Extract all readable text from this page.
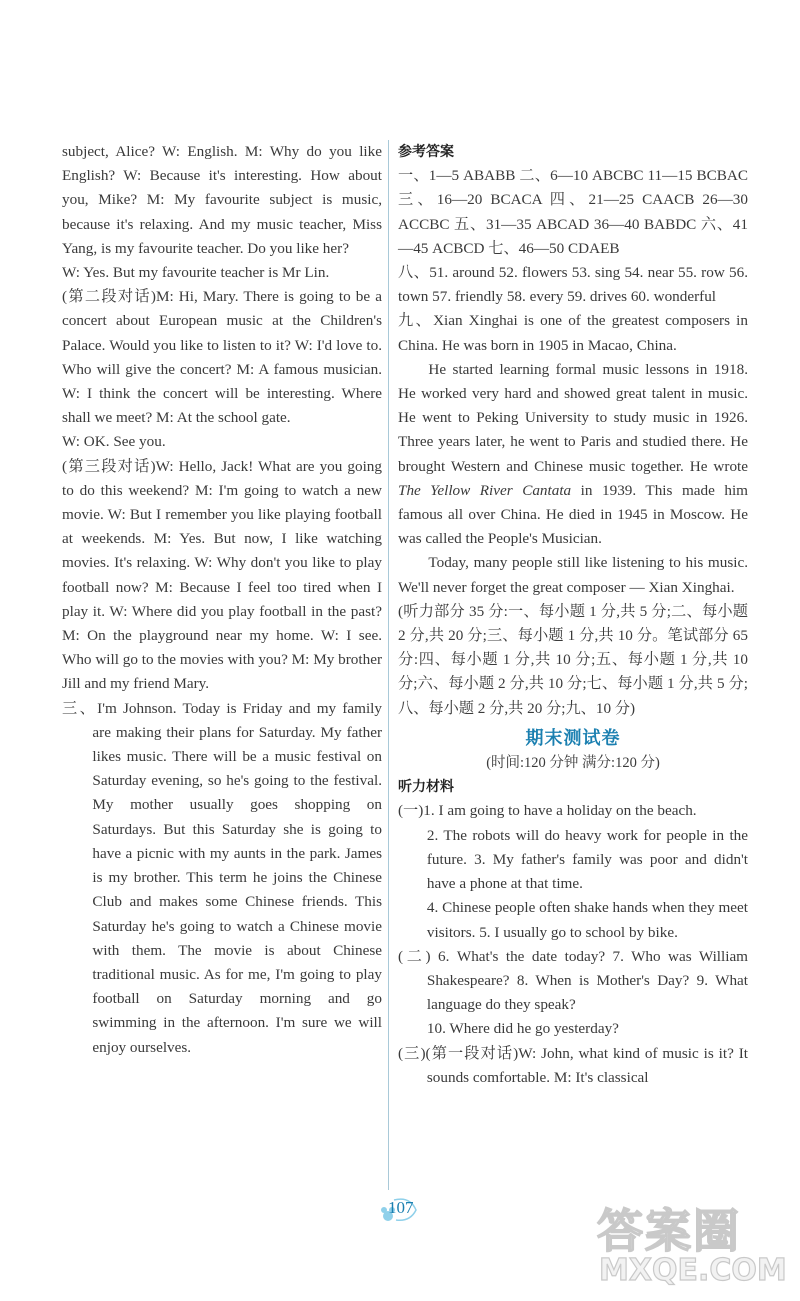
subject, Alice? W: English. M: Why do you like English? W: Because it's interesting. How about you, Mike? M: My favourite subject is music, because it's relaxing. And my music teacher, Miss Yang, is my favourite teacher. Do you like her?

W: Yes. But my favourite teacher is Mr Lin.

(第二段对话)M: Hi, Mary. There is going to be a concert about European music at the Children's Palace. Would you like to listen to it? W: I'd love to. Who will give the concert? M: A famous musician. W: I think the concert will be interesting. Where shall we meet? M: At the school gate.

W: OK. See you.

(第三段对话)W: Hello, Jack! What are you going to do this weekend? M: I'm going to watch a new movie. W: But I remember you like playing football at weekends. M: Yes. But now, I like watching movies. It's relaxing. W: Why don't you like to play football now? M: Because I feel too tired when I play it. W: Where did you play football in the past? M: On the playground near my home. W: I see. Who will go to the movies with you? M: My brother Jill and my friend Mary.

三、I'm Johnson. Today is Friday and my family are making their plans for Saturday. My father likes music. There will be a music festival on Saturday evening, so he's going to the festival. My mother usually goes shopping on Saturdays. But this Saturday she is going to have a picnic with my aunts in the park. James is my brother. This term he joins the Chinese Club and makes some Chinese friends. This Saturday he's going to watch a Chinese movie with them. The movie is about Chinese traditional music. As for me, I'm going to play football on Saturday morning and go swimming in the afternoon. I'm sure we will enjoy ourselves.

参考答案

一、1—5 ABABB 二、6—10 ABCBC 11—15 BCBAC 三、16—20 BCACA 四、21—25 CAACB 26—30 ACCBC 五、31—35 ABCAD 36—40 BABDC 六、41—45 ACBCD 七、46—50 CDAEB

八、51. around 52. flowers 53. sing 54. near 55. row 56. town 57. friendly 58. every 59. drives 60. wonderful

九、Xian Xinghai is one of the greatest composers in China. He was born in 1905 in Macao, China.

He started learning formal music lessons in 1918. He worked very hard and showed great talent in music. He went to Peking University to study music in 1926. Three years later, he went to Paris and studied there. He brought Western and Chinese music together. He wrote The Yellow River Cantata in 1939. This made him famous all over China. He died in 1945 in Moscow. He was called the People's Musician.

Today, many people still like listening to his music. We'll never forget the great composer — Xian Xinghai.

(听力部分 35 分:一、每小题 1 分,共 5 分;二、每小题 2 分,共 20 分;三、每小题 1 分,共 10 分。笔试部分 65 分:四、每小题 1 分,共 10 分;五、每小题 1 分,共 10 分;六、每小题 2 分,共 10 分;七、每小题 1 分,共 5 分;八、每小题 2 分,共 20 分;九、10 分)

期末测试卷
(时间:120 分钟 满分:120 分)
听力材料

(一)1. I am going to have a holiday on the beach.

2. The robots will do heavy work for people in the future. 3. My father's family was poor and didn't have a phone at that time.

4. Chinese people often shake hands when they meet visitors. 5. I usually go to school by bike.

(二) 6. What's the date today? 7. Who was William Shakespeare? 8. When is Mother's Day? 9. What language do they speak?

10. Where did he go yesterday?

(三)(第一段对话)W: John, what kind of music is it? It sounds comfortable. M: It's classical

107	答案圈
MXQE.COM
